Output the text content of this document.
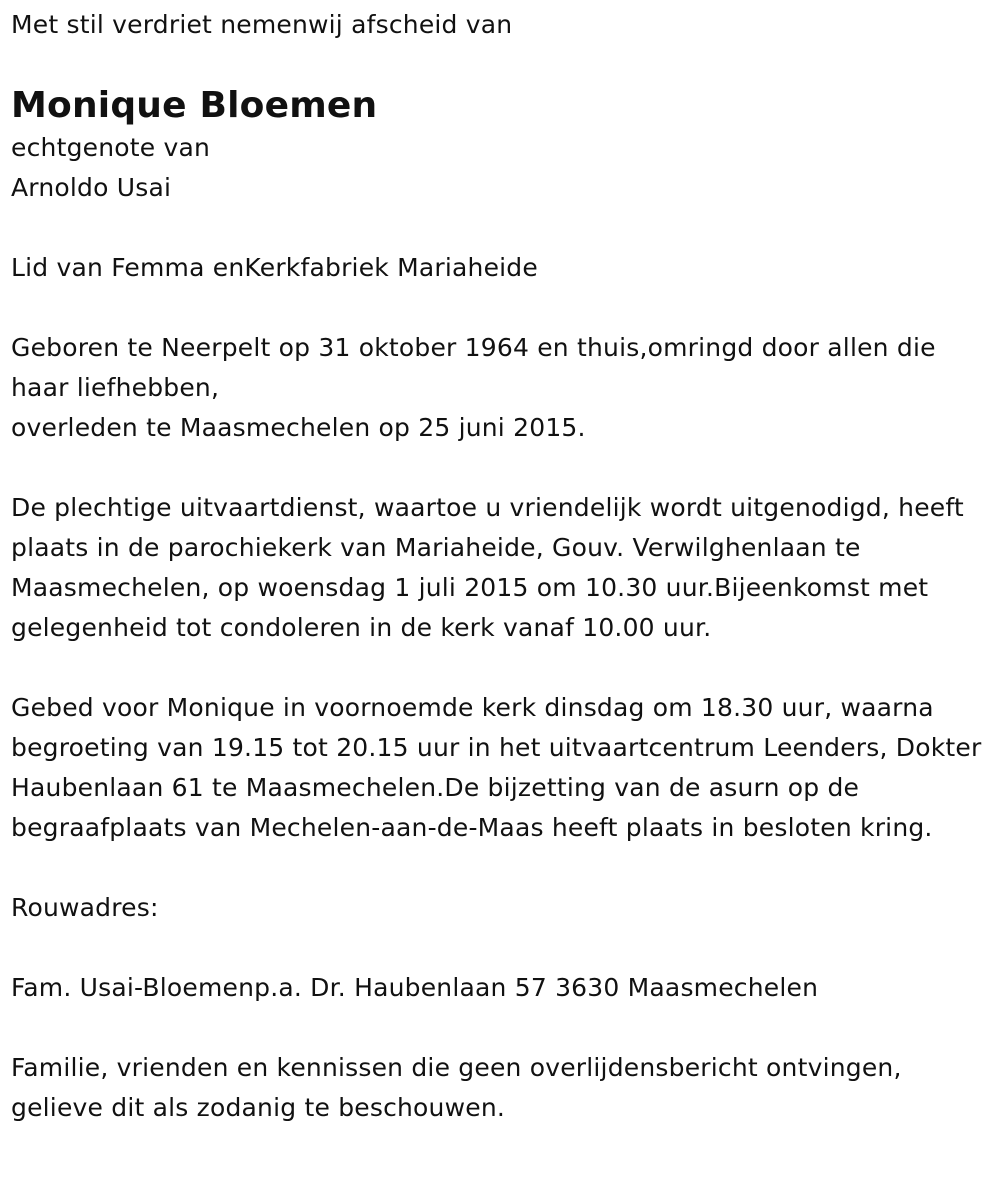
Met stil verdriet nemenwij afscheid van

Monique Bloemen

echtgenote van

Arnoldo Usai

Lid van Femma enKerkfabriek Mariaheide

Geboren te Neerpelt op 31 oktober 1964 en thuis,omringd door allen die haar liefhebben,

overleden te Maasmechelen op 25 juni 2015.

De plechtige uitvaartdienst, waartoe u vriendelijk wordt uitgenodigd, heeft plaats in de parochiekerk van Mariaheide, Gouv. Verwilghenlaan te Maasmechelen, op woensdag 1 juli 2015 om 10.30 uur.Bijeenkomst met gelegenheid tot condoleren in de kerk vanaf 10.00 uur.

Gebed voor Monique in voornoemde kerk dinsdag om 18.30 uur, waarna begroeting van 19.15 tot 20.15 uur in het uitvaartcentrum Leenders, Dokter Haubenlaan 61 te Maasmechelen.De bijzetting van de asurn op de begraafplaats van Mechelen-aan-de-Maas heeft plaats in besloten kring.

Rouwadres:

Fam. Usai-Bloemenp.a. Dr. Haubenlaan 57 3630 Maasmechelen

Familie, vrienden en kennissen die geen overlijdensbericht ontvingen, gelieve dit als zodanig te beschouwen.
